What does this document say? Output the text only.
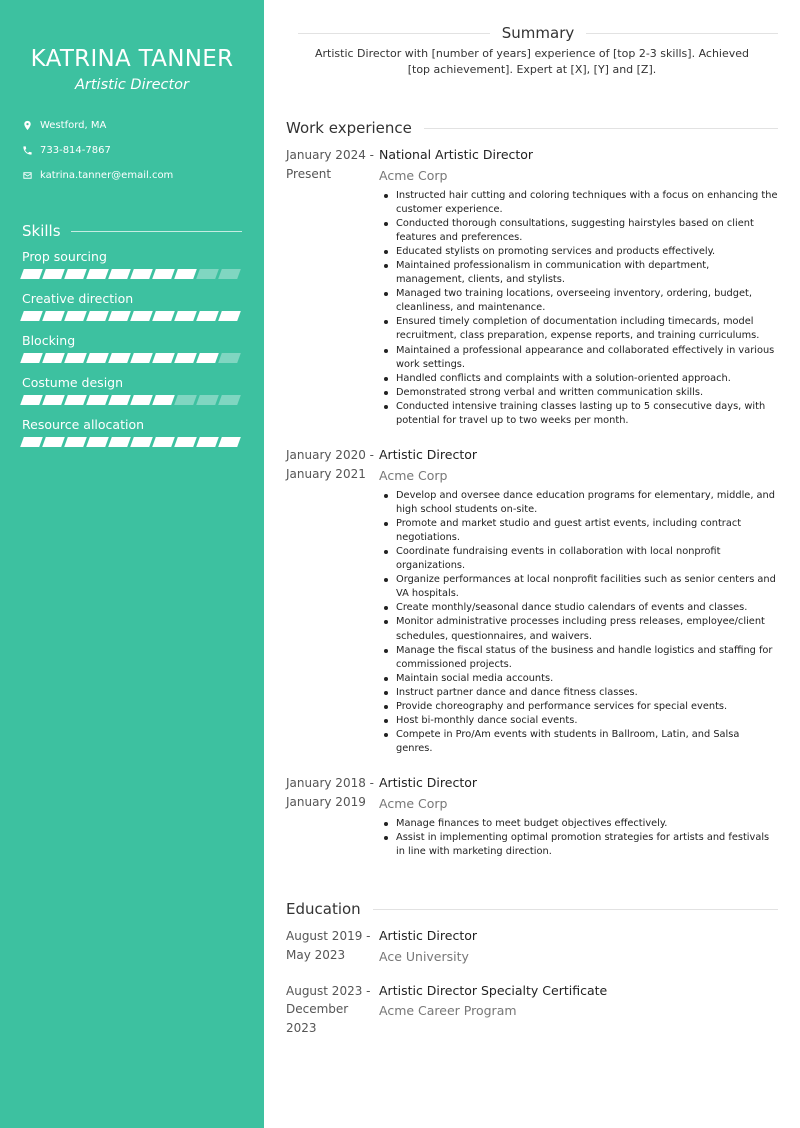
KATRINA TANNER
Artistic Director
Westford, MA
733-814-7867
katrina.tanner@email.com
Skills
Prop sourcing
Creative direction
Blocking
Costume design
Resource allocation
Summary
Artistic Director with [number of years] experience of [top 2-3 skills]. Achieved [top achievement]. Expert at [X], [Y] and [Z].
Work experience
January 2024 - Present
National Artistic Director
Acme Corp
Instructed hair cutting and coloring techniques with a focus on enhancing the customer experience.
Conducted thorough consultations, suggesting hairstyles based on client features and preferences.
Educated stylists on promoting services and products effectively.
Maintained professionalism in communication with department, management, clients, and stylists.
Managed two training locations, overseeing inventory, ordering, budget, cleanliness, and maintenance.
Ensured timely completion of documentation including timecards, model recruitment, class preparation, expense reports, and training curriculums.
Maintained a professional appearance and collaborated effectively in various work settings.
Handled conflicts and complaints with a solution-oriented approach.
Demonstrated strong verbal and written communication skills.
Conducted intensive training classes lasting up to 5 consecutive days, with potential for travel up to two weeks per month.
January 2020 - January 2021
Artistic Director
Acme Corp
Develop and oversee dance education programs for elementary, middle, and high school students on-site.
Promote and market studio and guest artist events, including contract negotiations.
Coordinate fundraising events in collaboration with local nonprofit organizations.
Organize performances at local nonprofit facilities such as senior centers and VA hospitals.
Create monthly/seasonal dance studio calendars of events and classes.
Monitor administrative processes including press releases, employee/client schedules, questionnaires, and waivers.
Manage the fiscal status of the business and handle logistics and staffing for commissioned projects.
Maintain social media accounts.
Instruct partner dance and dance fitness classes.
Provide choreography and performance services for special events.
Host bi-monthly dance social events.
Compete in Pro/Am events with students in Ballroom, Latin, and Salsa genres.
January 2018 - January 2019
Artistic Director
Acme Corp
Manage finances to meet budget objectives effectively.
Assist in implementing optimal promotion strategies for artists and festivals in line with marketing direction.
Education
August 2019 - May 2023
Artistic Director
Ace University
August 2023 - December 2023
Artistic Director Specialty Certificate
Acme Career Program
